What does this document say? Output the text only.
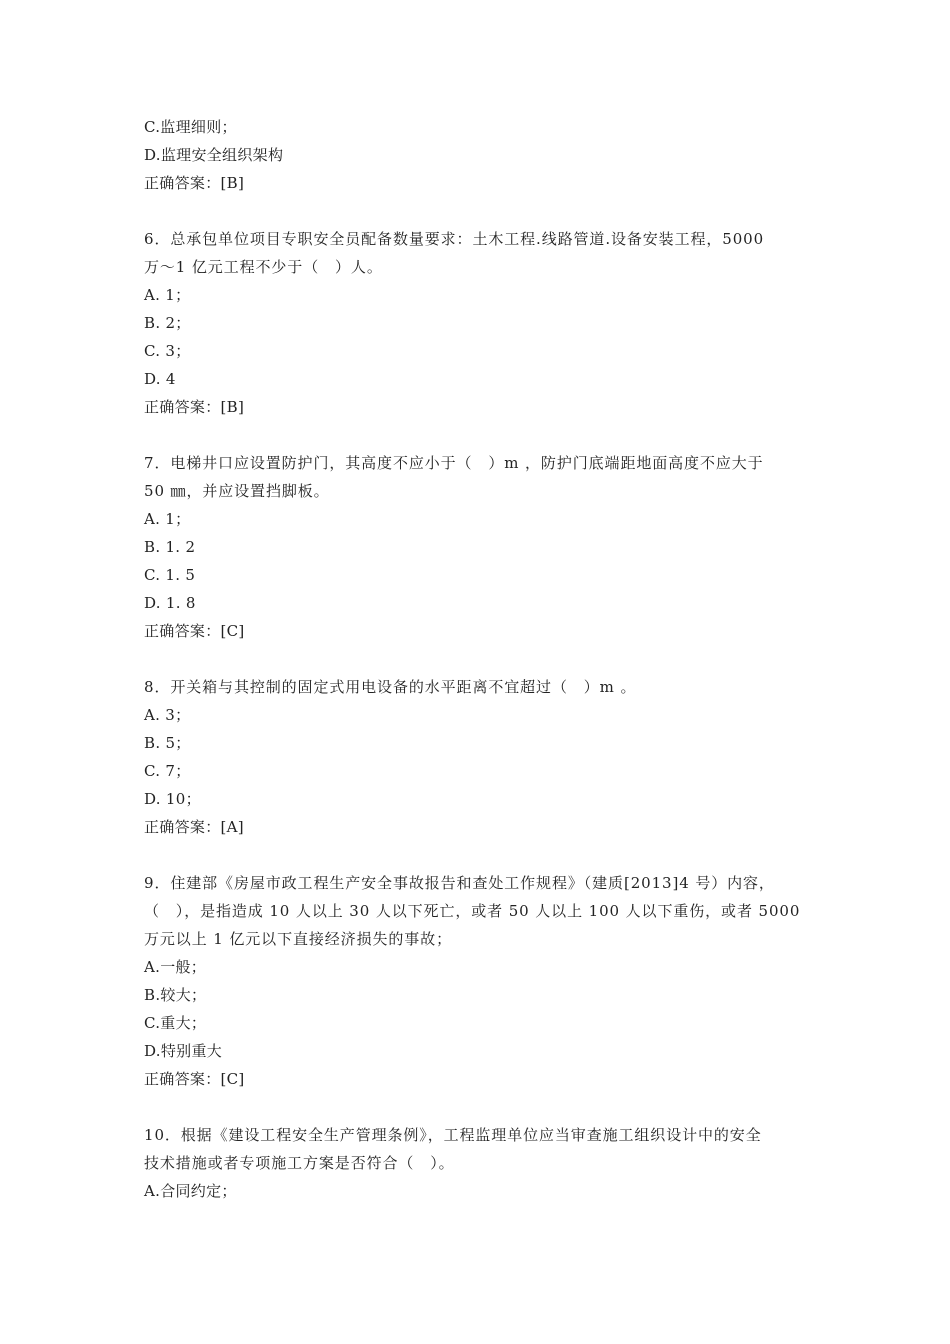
C.监理细则；
D.监理安全组织架构
正确答案：[B]
6．总承包单位项目专职安全员配备数量要求：土木工程.线路管道.设备安装工程，5000
万～1 亿元工程不少于（　）人。
A. 1；
B. 2；
C. 3；
D. 4
正确答案：[B]
7．电梯井口应设置防护门，其高度不应小于（　）m ，防护门底端距地面高度不应大于
50 ㎜，并应设置挡脚板。
A. 1；
B. 1. 2
C. 1. 5
D. 1. 8
正确答案：[C]
8．开关箱与其控制的固定式用电设备的水平距离不宜超过（　）m 。
A. 3；
B. 5；
C. 7；
D. 10；
正确答案：[A]
9．住建部《房屋市政工程生产安全事故报告和查处工作规程》（建质[2013]4 号）内容，
（　），是指造成 10 人以上 30 人以下死亡，或者 50 人以上 100 人以下重伤，或者 5000
万元以上 1 亿元以下直接经济损失的事故；
A.一般；
B.较大；
C.重大；
D.特别重大
正确答案：[C]
10．根据《建设工程安全生产管理条例》，工程监理单位应当审查施工组织设计中的安全
技术措施或者专项施工方案是否符合（　）。
A.合同约定；
